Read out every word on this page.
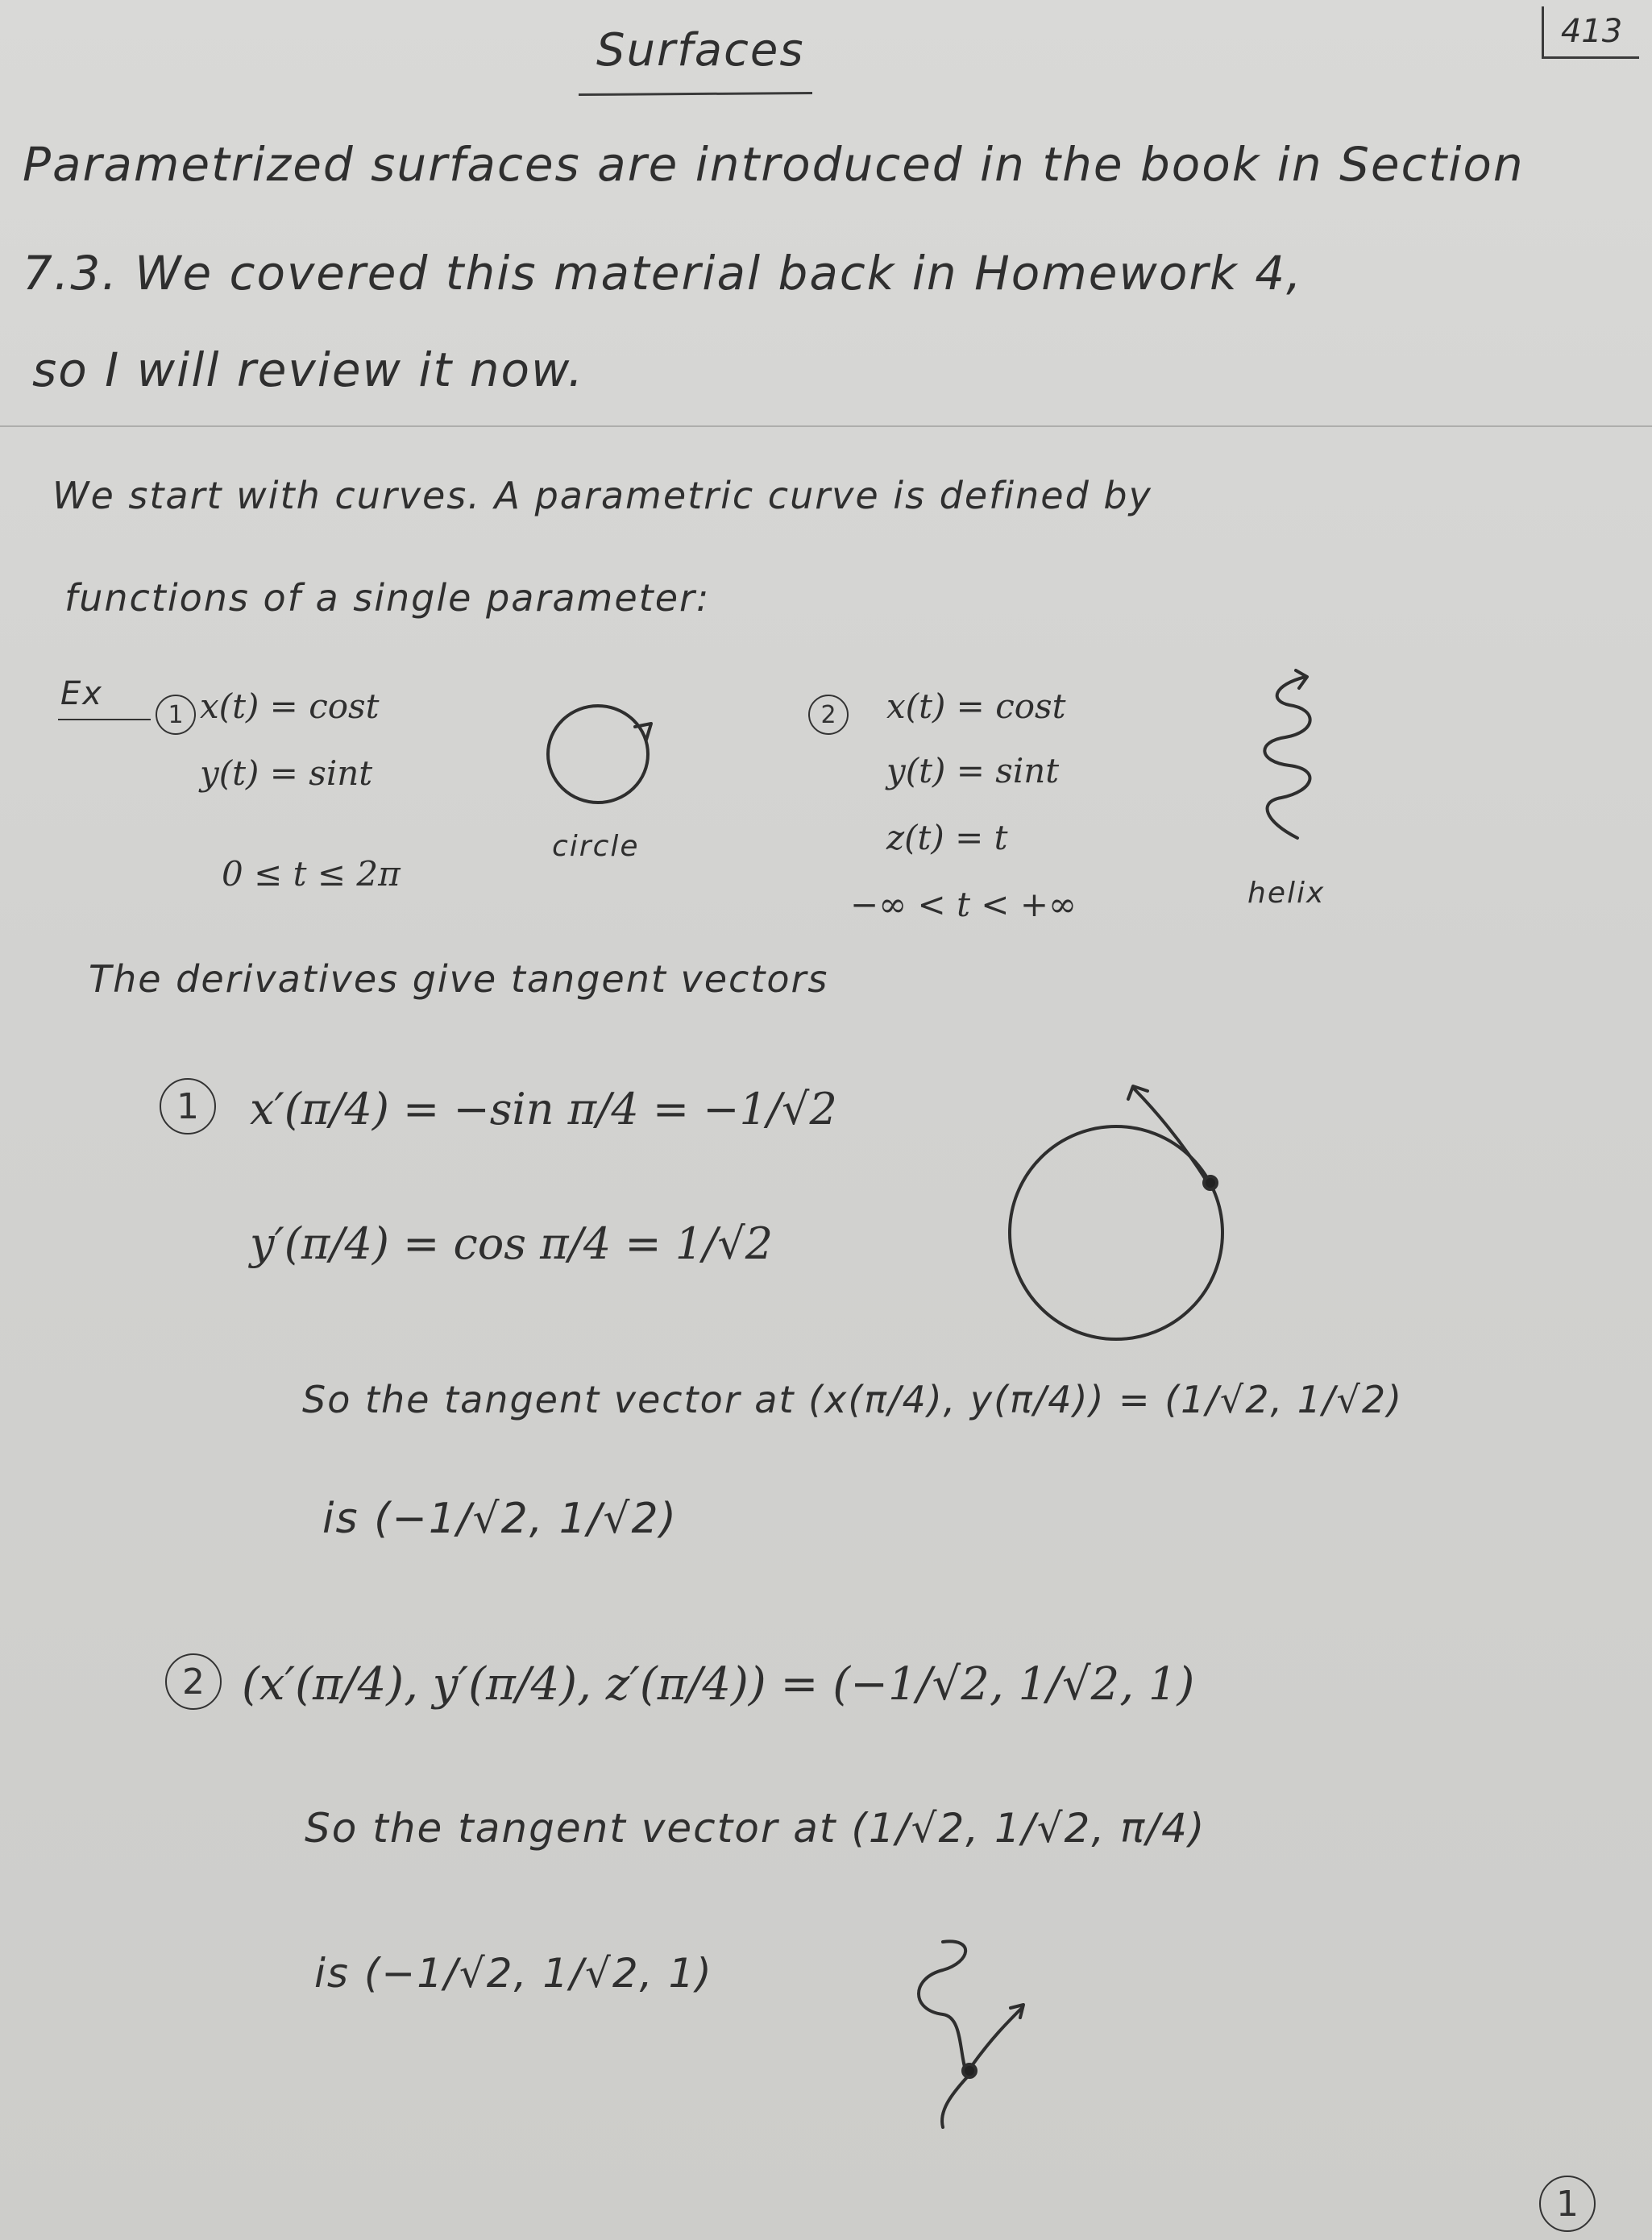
Surfaces	413
Parametrized surfaces are introduced in the book in Section
7.3. We covered this material back in Homework 4,
so I will review it now.
We start with curves. A parametric curve is defined by
functions of a single parameter:
Ex
1 x(t) = cost
y(t) = sint
0 ≤ t ≤ 2π
circle
2	x(t) = cost
y(t) = sint
z(t) = t
−∞ < t < +∞	helix
The derivatives give tangent vectors
1	x′(π/4) = −sin π/4 = −1/√2
y′(π/4) = cos π/4 = 1/√2
So the tangent vector at (x(π/4), y(π/4)) = (1/√2, 1/√2)
is (−1/√2, 1/√2)
2 (x′(π/4), y′(π/4), z′(π/4)) = (−1/√2, 1/√2, 1)
So the tangent vector at (1/√2, 1/√2, π/4)
is (−1/√2, 1/√2, 1)
1
